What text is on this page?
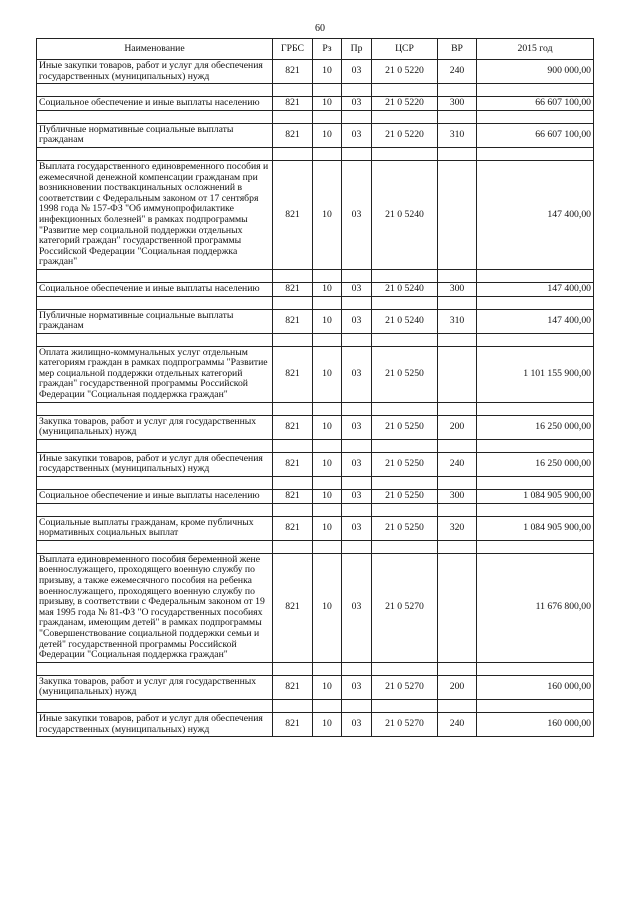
60
Наименование	ГРБС	Рз	Пр	ЦСР	ВР	2015 год
Иные закупки товаров, работ и услуг для обеспечения государственных (муниципальных) нужд	821	10	03	21 0 5220	240	900 000,00

Социальное обеспечение и иные выплаты населению	821	10	03	21 0 5220	300	66 607 100,00

Публичные нормативные социальные выплаты гражданам	821	10	03	21 0 5220	310	66 607 100,00

Выплата государственного единовременного пособия и ежемесячной денежной компенсации гражданам при возникновении поствакцинальных осложнений в соответствии с Федеральным законом от 17 сентября 1998 года № 157-ФЗ "Об иммунопрофилактике инфекционных болезней" в рамках подпрограммы "Развитие мер социальной поддержки отдельных категорий граждан" государственной программы Российской Федерации "Социальная поддержка граждан"	821	10	03	21 0 5240		147 400,00

Социальное обеспечение и иные выплаты населению	821	10	03	21 0 5240	300	147 400,00

Публичные нормативные социальные выплаты гражданам	821	10	03	21 0 5240	310	147 400,00

Оплата жилищно-коммунальных услуг отдельным категориям граждан в рамках подпрограммы "Развитие мер социальной поддержки отдельных категорий граждан" государственной программы Российской Федерации "Социальная поддержка граждан"	821	10	03	21 0 5250		1 101 155 900,00

Закупка товаров, работ и услуг для государственных (муниципальных) нужд	821	10	03	21 0 5250	200	16 250 000,00

Иные закупки товаров, работ и услуг для обеспечения государственных (муниципальных) нужд	821	10	03	21 0 5250	240	16 250 000,00

Социальное обеспечение и иные выплаты населению	821	10	03	21 0 5250	300	1 084 905 900,00

Социальные выплаты гражданам, кроме публичных нормативных социальных выплат	821	10	03	21 0 5250	320	1 084 905 900,00

Выплата единовременного пособия беременной жене военнослужащего, проходящего военную службу по призыву, а также ежемесячного пособия на ребенка военнослужащего, проходящего военную службу по призыву, в соответствии с Федеральным законом от 19 мая 1995 года № 81-ФЗ "О государственных пособиях гражданам, имеющим детей" в рамках подпрограммы "Совершенствование социальной поддержки семьи и детей" государственной программы Российской Федерации "Социальная поддержка граждан"	821	10	03	21 0 5270		11 676 800,00

Закупка товаров, работ и услуг для государственных (муниципальных) нужд	821	10	03	21 0 5270	200	160 000,00

Иные закупки товаров, работ и услуг для обеспечения государственных (муниципальных) нужд	821	10	03	21 0 5270	240	160 000,00
